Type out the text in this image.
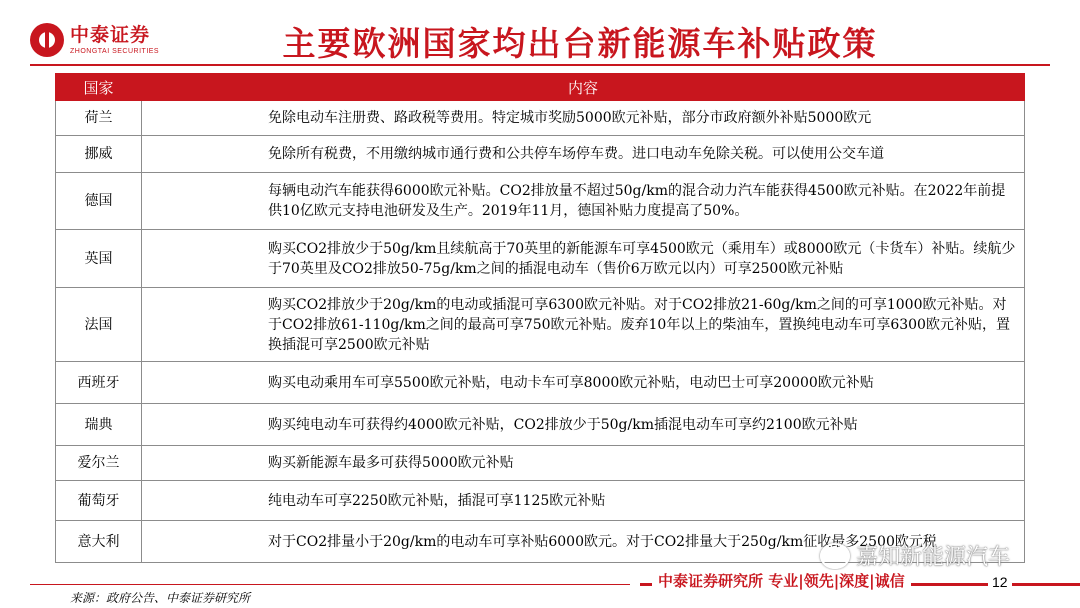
中泰证券
ZHONGTAI SECURITIES	主要欧洲国家均出台新能源车补贴政策
国家	内容
荷兰	免除电动车注册费、路政税等费用。特定城市奖励5000欧元补贴，部分市政府额外补贴5000欧元
挪威	免除所有税费，不用缴纳城市通行费和公共停车场停车费。进口电动车免除关税。可以使用公交车道
德国	每辆电动汽车能获得6000欧元补贴。CO2排放量不超过50g/km的混合动力汽车能获得4500欧元补贴。在2022年前提供10亿欧元支持电池研发及生产。2019年11月，德国补贴力度提高了50%。
英国	购买CO2排放少于50g/km且续航高于70英里的新能源车可享4500欧元（乘用车）或8000欧元（卡货车）补贴。续航少于70英里及CO2排放50-75g/km之间的插混电动车（售价6万欧元以内）可享2500欧元补贴
法国	购买CO2排放少于20g/km的电动或插混可享6300欧元补贴。对于CO2排放21-60g/km之间的可享1000欧元补贴。对于CO2排放61-110g/km之间的最高可享750欧元补贴。废弃10年以上的柴油车，置换纯电动车可享6300欧元补贴，置换插混可享2500欧元补贴
西班牙	购买电动乘用车可享5500欧元补贴，电动卡车可享8000欧元补贴，电动巴士可享20000欧元补贴
瑞典	购买纯电动车可获得约4000欧元补贴，CO2排放少于50g/km插混电动车可享约2100欧元补贴
爱尔兰	购买新能源车最多可获得5000欧元补贴
葡萄牙	纯电动车可享2250欧元补贴，插混可享1125欧元补贴
意大利	对于CO2排量小于20g/km的电动车可享补贴6000欧元。对于CO2排量大于250g/km征收最多2500欧元税
嘉知新能源汽车
中泰证券研究所 专业|领先|深度|诚信	12
来源：政府公告、中泰证券研究所
